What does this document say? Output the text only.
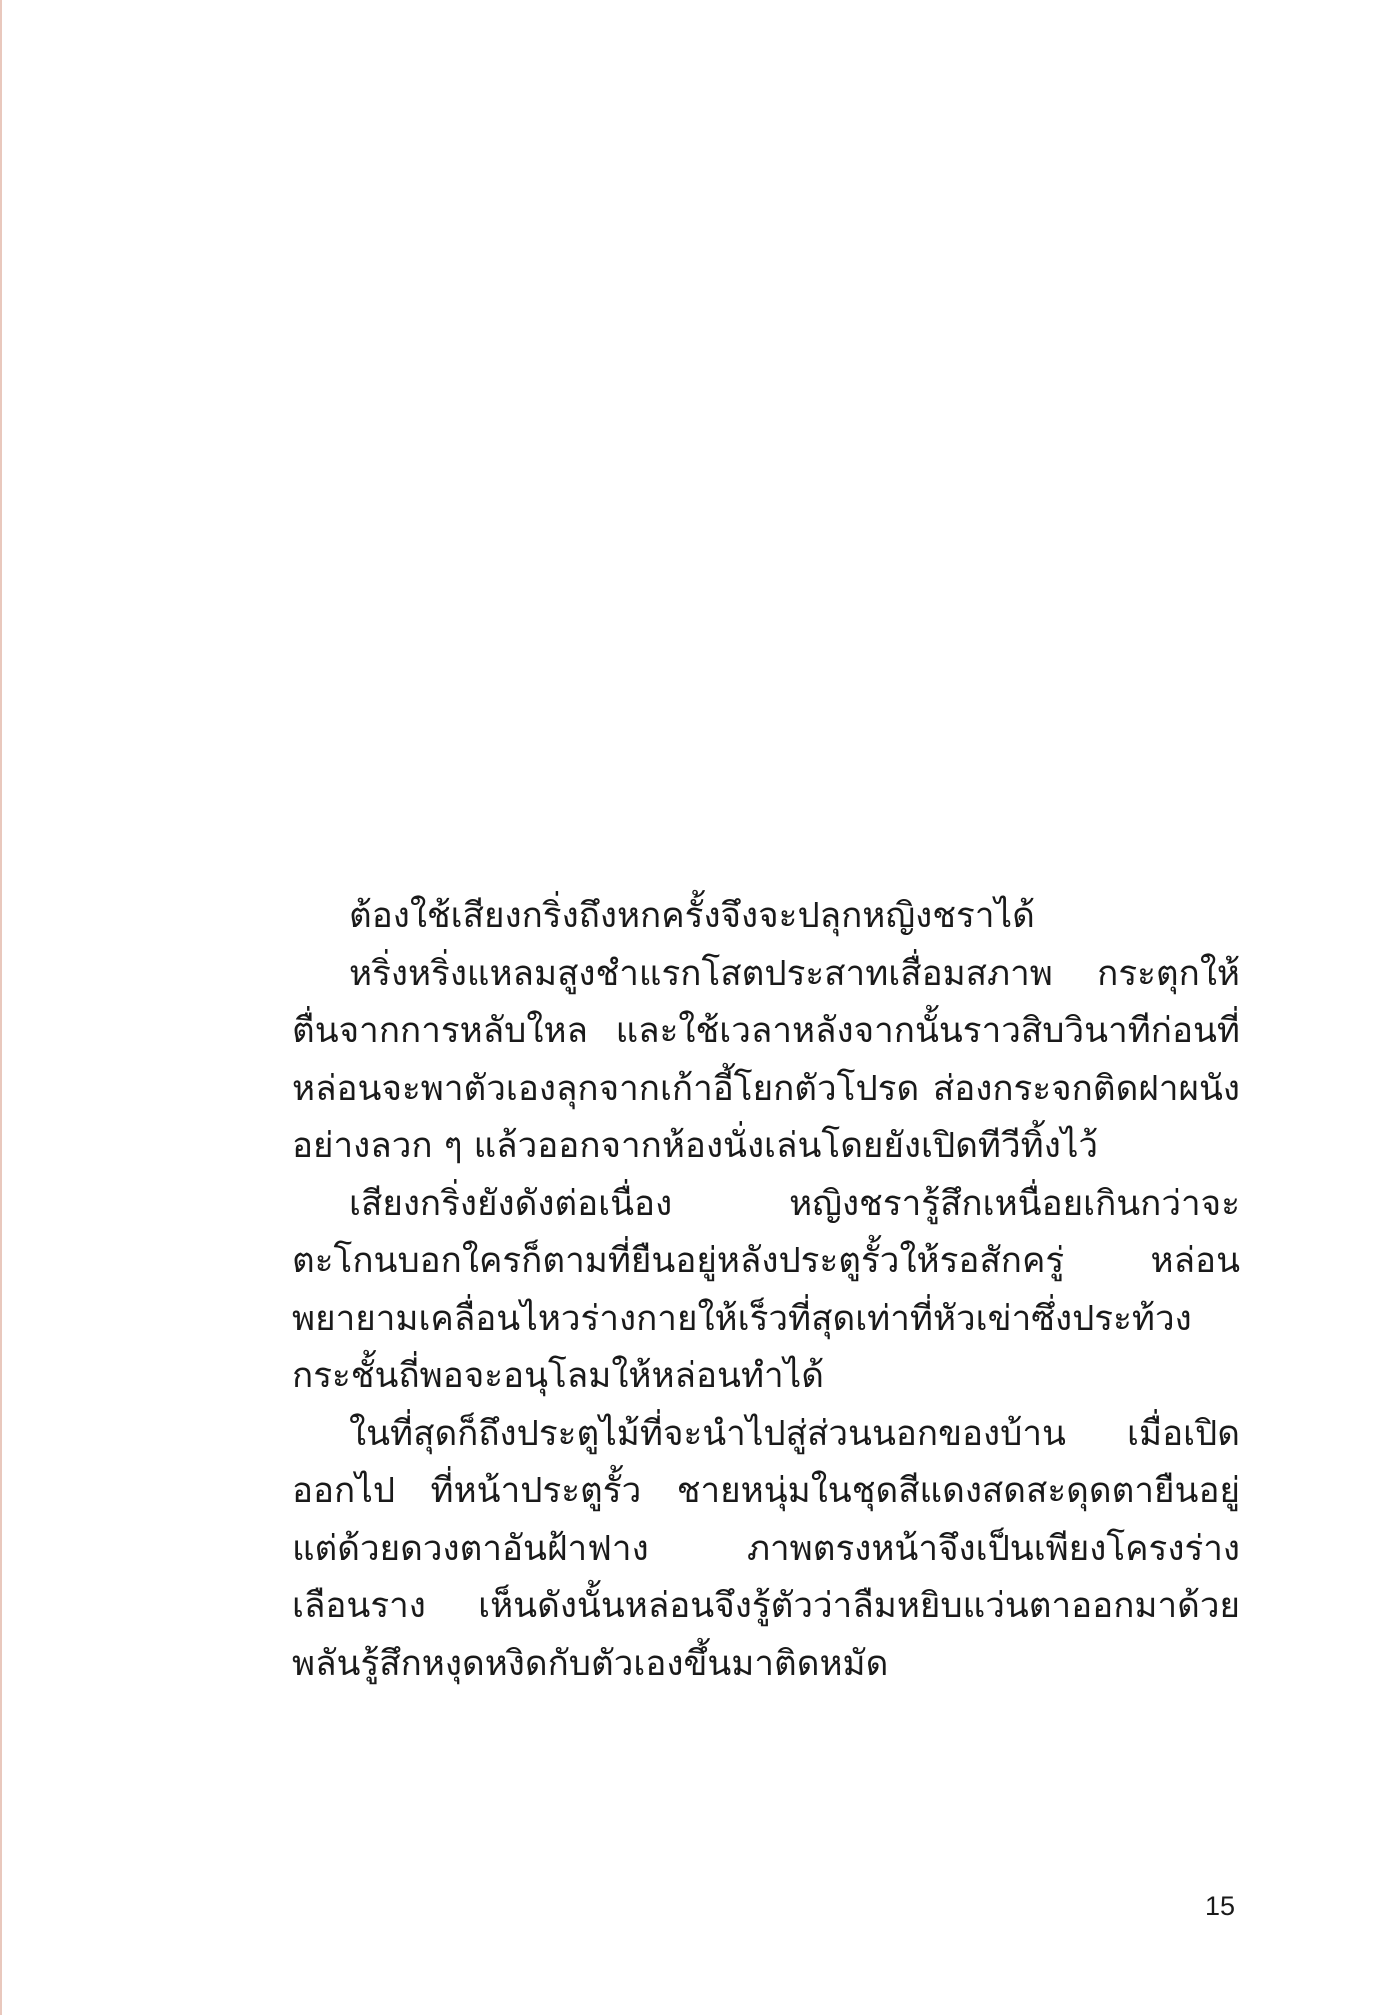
ต้องใช้เสียงกริ่งถึงหกครั้งจึงจะปลุกหญิงชราได้
หริ่งหริ่งแหลมสูงชำแรกโสตประสาทเสื่อมสภาพ กระตุกให้
ตื่นจากการหลับใหล และใช้เวลาหลังจากนั้นราวสิบวินาทีก่อนที่
หล่อนจะพาตัวเองลุกจากเก้าอี้โยกตัวโปรด ส่องกระจกติดฝาผนัง
อย่างลวก ๆ แล้วออกจากห้องนั่งเล่นโดยยังเปิดทีวีทิ้งไว้
เสียงกริ่งยังดังต่อเนื่อง หญิงชรารู้สึกเหนื่อยเกินกว่าจะ
ตะโกนบอกใครก็ตามที่ยืนอยู่หลังประตูรั้วให้รอสักครู่ หล่อน
พยายามเคลื่อนไหวร่างกายให้เร็วที่สุดเท่าที่หัวเข่าซึ่งประท้วง
กระชั้นถี่พอจะอนุโลมให้หล่อนทำได้
ในที่สุดก็ถึงประตูไม้ที่จะนำไปสู่ส่วนนอกของบ้าน เมื่อเปิด
ออกไป ที่หน้าประตูรั้ว ชายหนุ่มในชุดสีแดงสดสะดุดตายืนอยู่
แต่ด้วยดวงตาอันฝ้าฟาง ภาพตรงหน้าจึงเป็นเพียงโครงร่าง
เลือนราง เห็นดังนั้นหล่อนจึงรู้ตัวว่าลืมหยิบแว่นตาออกมาด้วย
พลันรู้สึกหงุดหงิดกับตัวเองขึ้นมาติดหมัด
15
